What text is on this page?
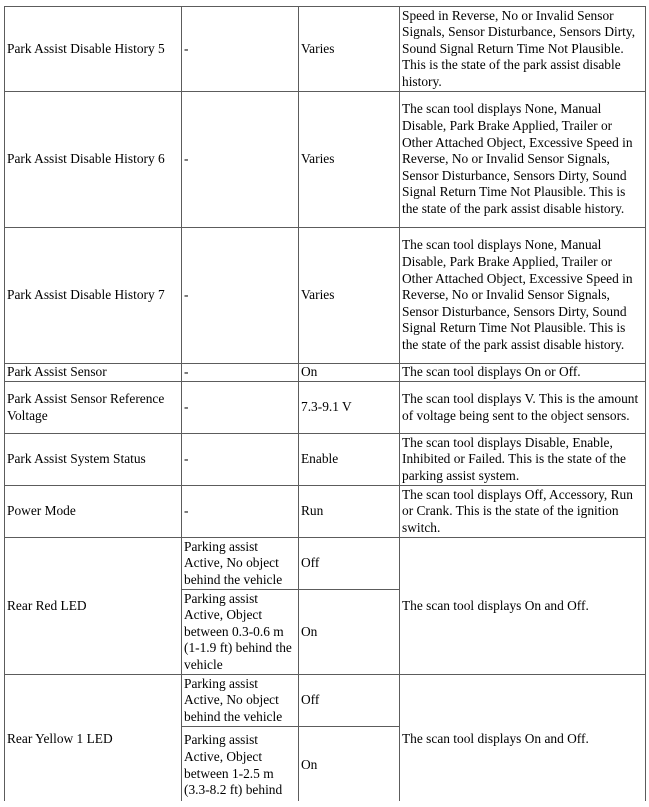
Park Assist Disable History 5	-	Varies	Speed in Reverse, No or Invalid Sensor Signals, Sensor Disturbance, Sensors Dirty, Sound Signal Return Time Not Plausible. This is the state of the park assist disable history.
Park Assist Disable History 6	-	Varies	The scan tool displays None, Manual Disable, Park Brake Applied, Trailer or Other Attached Object, Excessive Speed in Reverse, No or Invalid Sensor Signals, Sensor Disturbance, Sensors Dirty, Sound Signal Return Time Not Plausible. This is the state of the park assist disable history.
Park Assist Disable History 7	-	Varies	The scan tool displays None, Manual Disable, Park Brake Applied, Trailer or Other Attached Object, Excessive Speed in Reverse, No or Invalid Sensor Signals, Sensor Disturbance, Sensors Dirty, Sound Signal Return Time Not Plausible. This is the state of the park assist disable history.
Park Assist Sensor	-	On	The scan tool displays On or Off.
Park Assist Sensor Reference Voltage	-	7.3-9.1 V	The scan tool displays V. This is the amount of voltage being sent to the object sensors.
Park Assist System Status	-	Enable	The scan tool displays Disable, Enable, Inhibited or Failed. This is the state of the parking assist system.
Power Mode	-	Run	The scan tool displays Off, Accessory, Run or Crank. This is the state of the ignition switch.
Rear Red LED	Parking assist Active, No object behind the vehicle	Off	The scan tool displays On and Off.
	Parking assist Active, Object between 0.3-0.6 m (1-1.9 ft) behind the vehicle	On	
Rear Yellow 1 LED	Parking assist Active, No object behind the vehicle	Off	The scan tool displays On and Off.
	Parking assist Active, Object between 1-2.5 m (3.3-8.2 ft) behind	On	
